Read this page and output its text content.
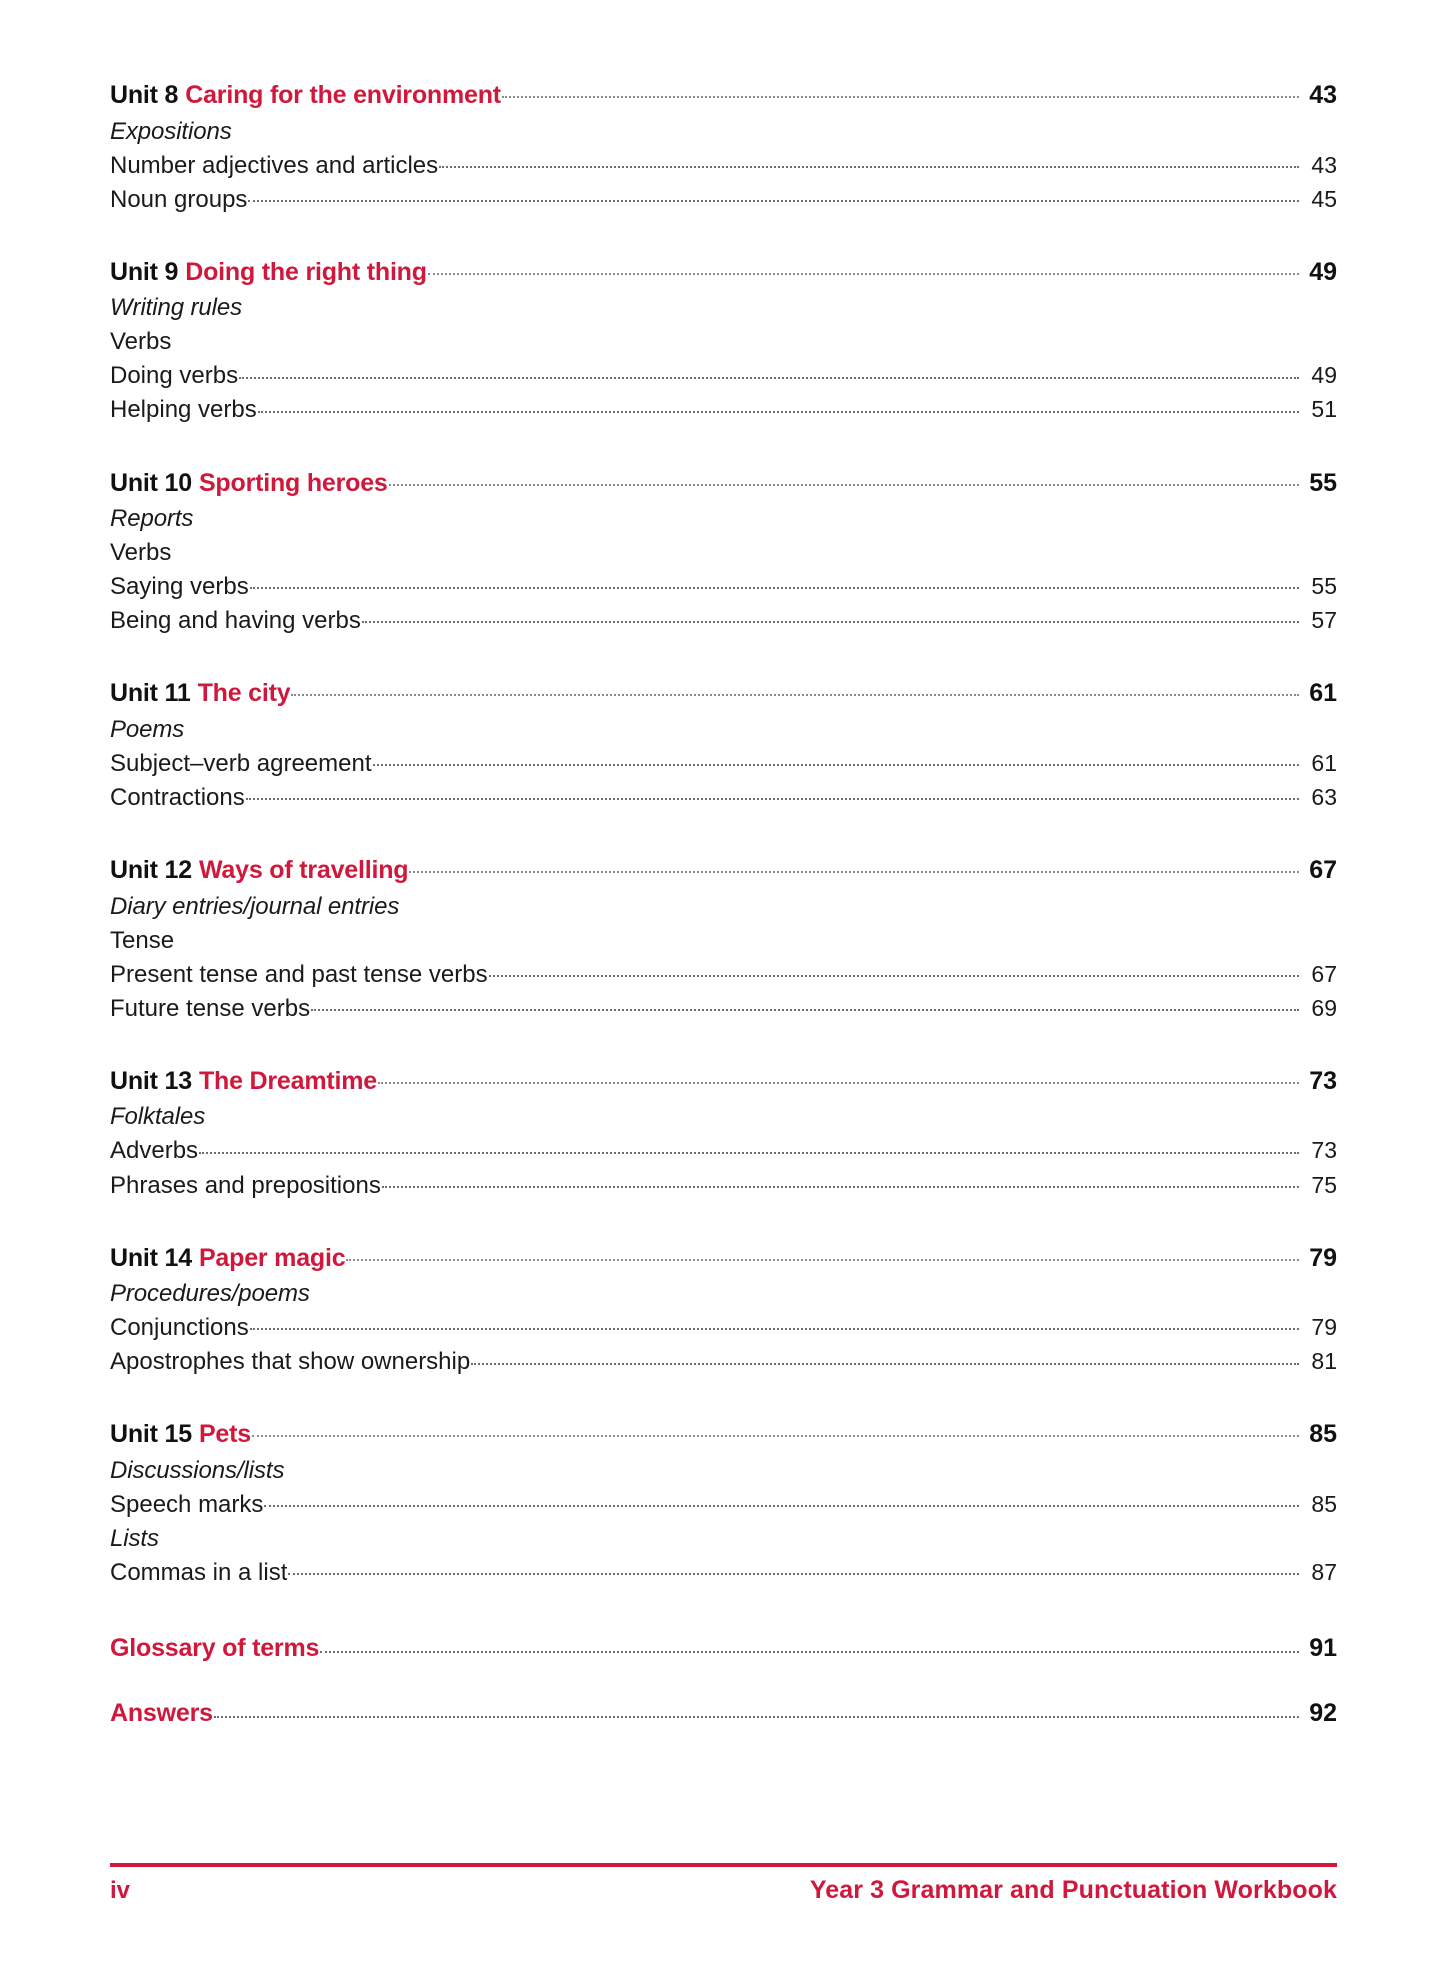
Unit 8 Caring for the environment	43
Expositions
Number adjectives and articles	43
Noun groups	45
Unit 9 Doing the right thing	49
Writing rules
Verbs
Doing verbs	49
Helping verbs	51
Unit 10 Sporting heroes	55
Reports
Verbs
Saying verbs	55
Being and having verbs	57
Unit 11 The city	61
Poems
Subject–verb agreement	61
Contractions	63
Unit 12 Ways of travelling	67
Diary entries/journal entries
Tense
Present tense and past tense verbs	67
Future tense verbs	69
Unit 13 The Dreamtime	73
Folktales
Adverbs	73
Phrases and prepositions	75
Unit 14 Paper magic	79
Procedures/poems
Conjunctions	79
Apostrophes that show ownership	81
Unit 15 Pets	85
Discussions/lists
Speech marks	85
Lists
Commas in a list	87
Glossary of terms	91
Answers	92
iv	Year 3 Grammar and Punctuation Workbook
